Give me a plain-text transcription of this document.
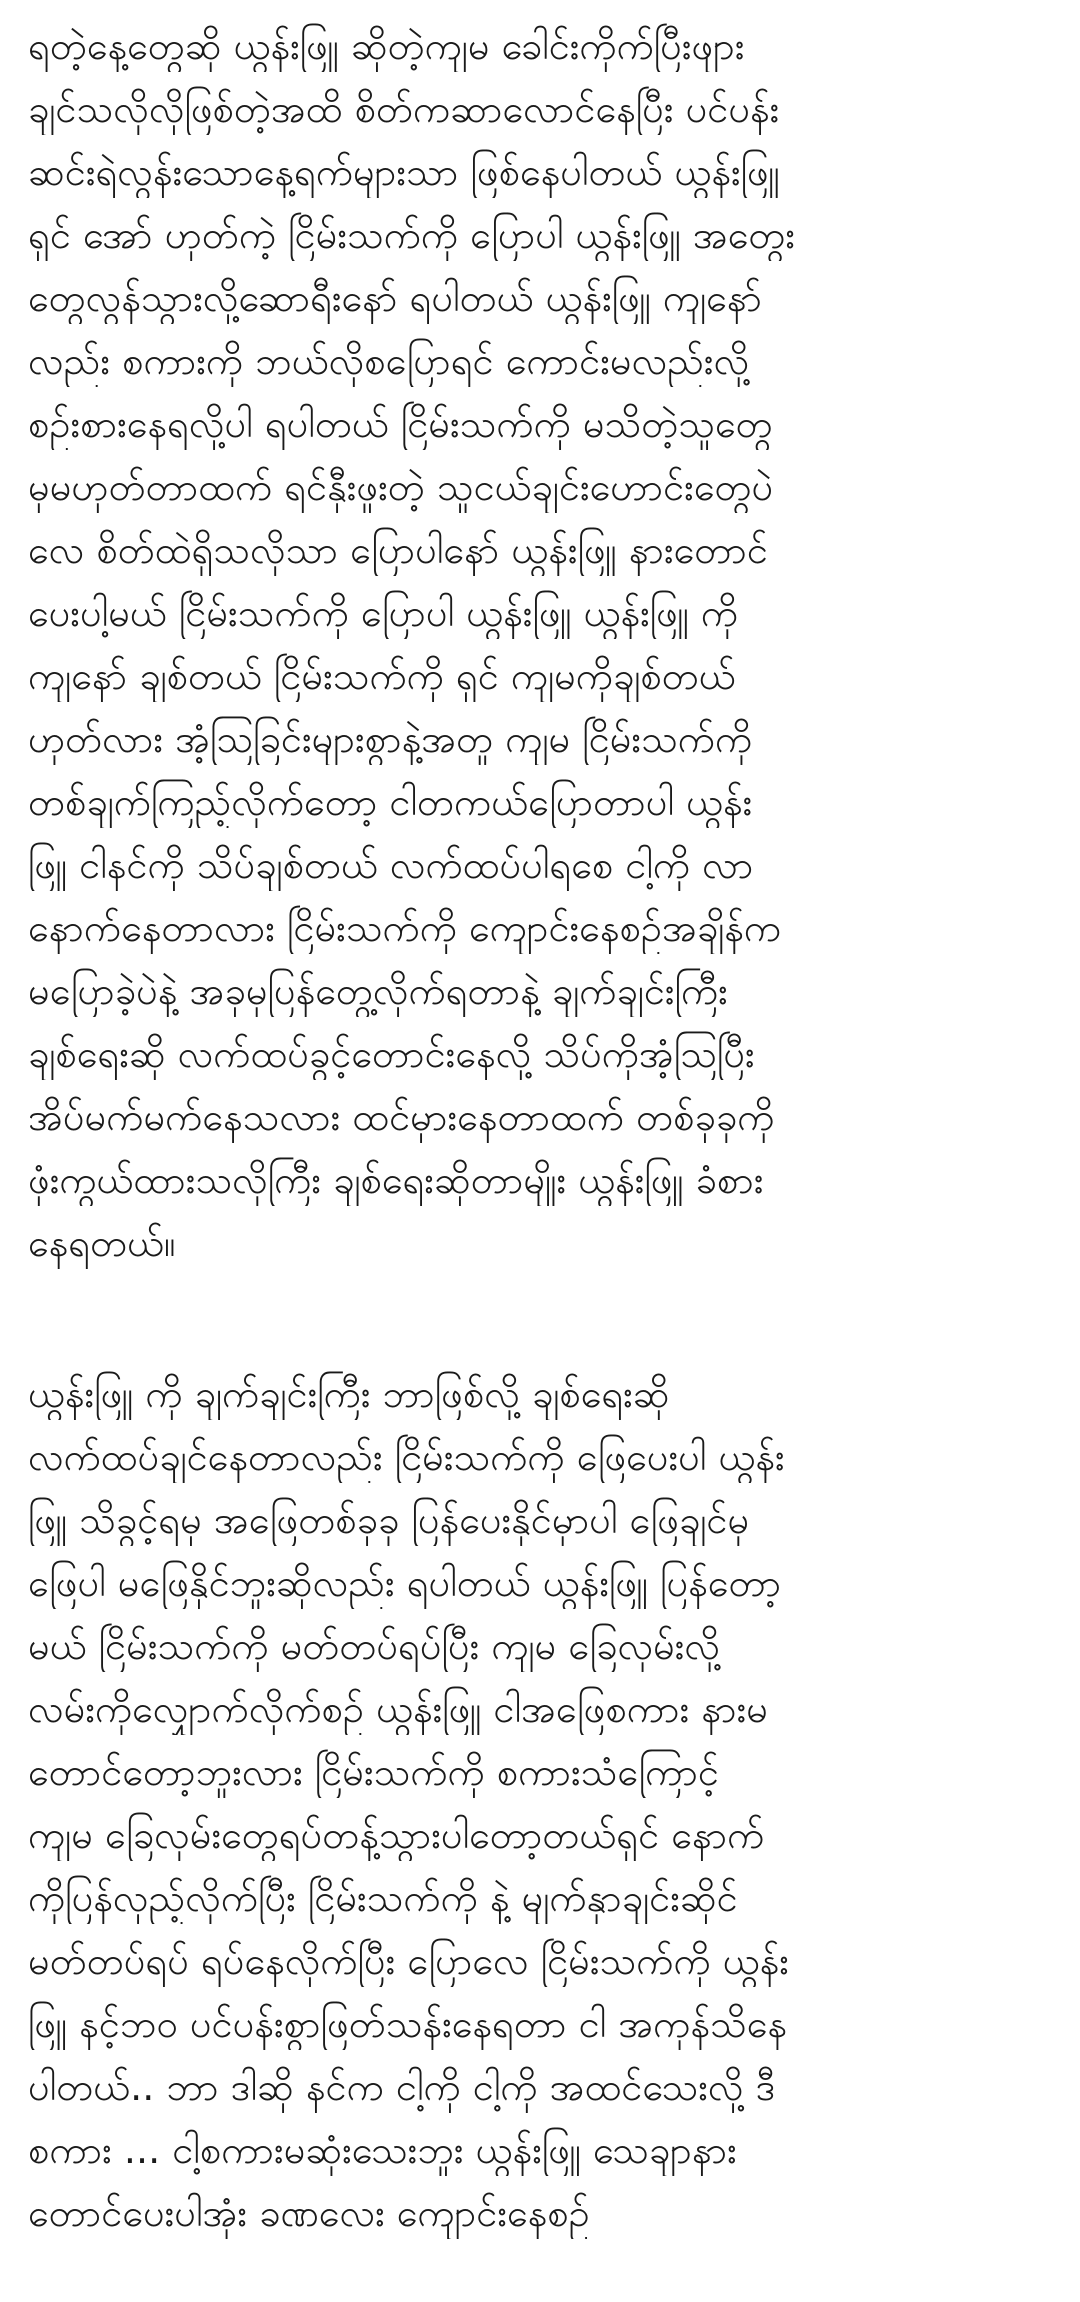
ရတဲ့နေ့တွေဆို ယွန်းဖြူ ဆိုတဲ့ကျမ ခေါင်းကိုက်ပြီးဖျား
ချင်သလိုလိုဖြစ်တဲ့အထိ စိတ်ကဆာလောင်နေပြီး ပင်ပန်း
ဆင်းရဲလွန်းသောနေ့ရက်များသာ ဖြစ်နေပါတယ် ယွန်းဖြူ
ရှင် အော် ဟုတ်ကဲ့ ငြိမ်းသက်ကို ပြောပါ ယွန်းဖြူ အတွေး
တွေလွန်သွားလို့ဆောရီးနော် ရပါတယ် ယွန်းဖြူ ကျနော်
လည်း စကားကို ဘယ်လိုစပြောရင် ကောင်းမလည်းလို့
စဉ်းစားနေရလို့ပါ ရပါတယ် ငြိမ်းသက်ကို မသိတဲ့သူတွေ
မှမဟုတ်တာထက် ရင်နှီးဖူးတဲ့ သူငယ်ချင်းဟောင်းတွေပဲ
လေ စိတ်ထဲရှိသလိုသာ ပြောပါနော် ယွန်းဖြူ နားတောင်
ပေးပါ့မယ် ငြိမ်းသက်ကို ပြောပါ ယွန်းဖြူ ယွန်းဖြူ ကို
ကျနော် ချစ်တယ် ငြိမ်းသက်ကို ရှင် ကျမကိုချစ်တယ်
ဟုတ်လား အံ့သြခြင်းများစွာနဲ့အတူ ကျမ ငြိမ်းသက်ကို
တစ်ချက်ကြည့်လိုက်တော့ ငါတကယ်ပြောတာပါ ယွန်း
ဖြူ ငါနင်ကို သိပ်ချစ်တယ် လက်ထပ်ပါရစေ ငါ့ကို လာ
နောက်နေတာလား ငြိမ်းသက်ကို ကျောင်းနေစဉ်အချိန်က
မပြောခဲ့ပဲနဲ့ အခုမှပြန်တွေ့လိုက်ရတာနဲ့ ချက်ချင်းကြီး
ချစ်ရေးဆို လက်ထပ်ခွင့်တောင်းနေလို့ သိပ်ကိုအံ့သြပြီး
အိပ်မက်မက်နေသလား ထင်မှားနေတာထက် တစ်ခုခုကို
ဖုံးကွယ်ထားသလိုကြီး ချစ်ရေးဆိုတာမျိုး ယွန်းဖြူ ခံစား
နေရတယ်။
ယွန်းဖြူ ကို ချက်ချင်းကြီး ဘာဖြစ်လို့ ချစ်ရေးဆို
လက်ထပ်ချင်နေတာလည်း ငြိမ်းသက်ကို ဖြေပေးပါ ယွန်း
ဖြူ သိခွင့်ရမှ အဖြေတစ်ခုခု ပြန်ပေးနိုင်မှာပါ ဖြေချင်မှ
ဖြေပါ မဖြေနိုင်ဘူးဆိုလည်း ရပါတယ် ယွန်းဖြူ ပြန်တော့
မယ် ငြိမ်းသက်ကို မတ်တပ်ရပ်ပြီး ကျမ ခြေလှမ်းလို့
လမ်းကိုလျှောက်လိုက်စဉ် ယွန်းဖြူ ငါအဖြေစကား နားမ
တောင်တော့ဘူးလား ငြိမ်းသက်ကို စကားသံကြောင့်
ကျမ ခြေလှမ်းတွေရပ်တန့်သွားပါတော့တယ်ရှင် နောက်
ကိုပြန်လှည့်လိုက်ပြီး ငြိမ်းသက်ကို နဲ့ မျက်နှာချင်းဆိုင်
မတ်တပ်ရပ် ရပ်နေလိုက်ပြီး ပြောလေ ငြိမ်းသက်ကို ယွန်း
ဖြူ နင့်ဘဝ ပင်ပန်းစွာဖြတ်သန်းနေရတာ ငါ အကုန်သိနေ
ပါတယ်.. ဘာ ဒါဆို နင်က ငါ့ကို ငါ့ကို အထင်သေးလို့ ဒီ
စကား ... ငါ့စကားမဆုံးသေးဘူး ယွန်းဖြူ သေချာနား
တောင်ပေးပါအုံး ခဏလေး ကျောင်းနေစဉ်
